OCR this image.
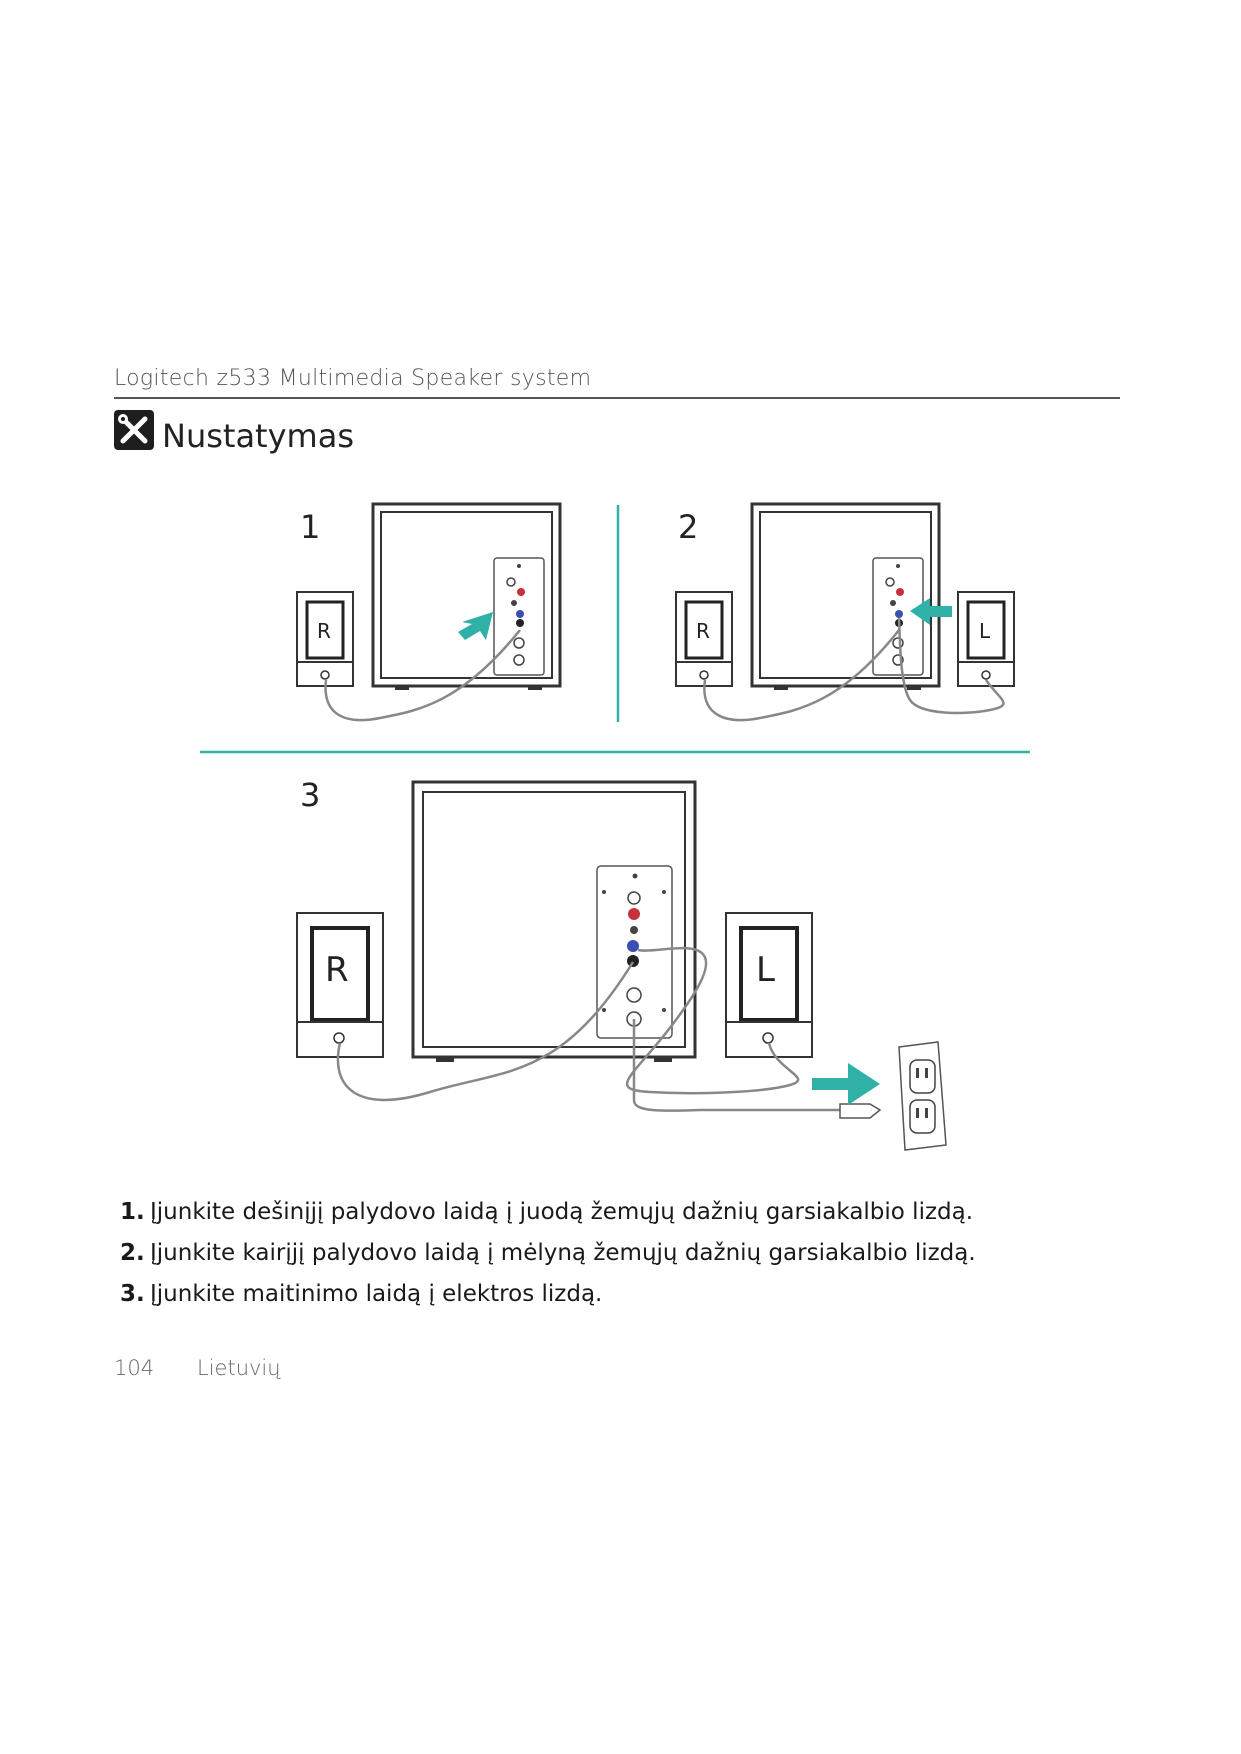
Logitech z533 Multimedia Speaker system
Nustatymas
1
R
2
R	L
3
R	L
1. Įjunkite dešinįjį palydovo laidą į juodą žemųjų dažnių garsiakalbio lizdą.
2. Įjunkite kairįjį palydovo laidą į mėlyną žemųjų dažnių garsiakalbio lizdą.
3. Įjunkite maitinimo laidą į elektros lizdą.
104 Lietuvių
